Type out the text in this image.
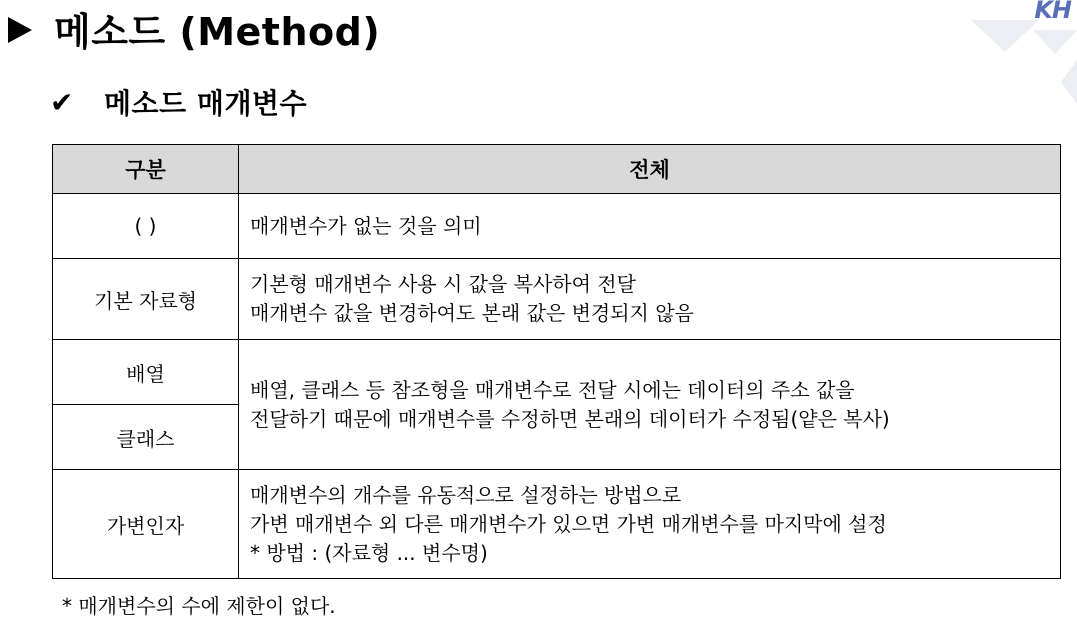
메소드 (Method)	KH
✔	메소드 매개변수
구분	전체
( )	매개변수가 없는 것을 의미

기본 자료형	기본형 매개변수 사용 시 값을 복사하여 전달
매개변수 값을 변경하여도 본래 값은 변경되지 않음

배열	배열, 클래스 등 참조형을 매개변수로 전달 시에는 데이터의 주소 값을
전달하기 때문에 매개변수를 수정하면 본래의 데이터가 수정됨(얕은 복사)

클래스	
가변인자	매개변수의 개수를 유동적으로 설정하는 방법으로
가변 매개변수 외 다른 매개변수가 있으면 가변 매개변수를 마지막에 설정
* 방법 : (자료형 ... 변수명)
* 매개변수의 수에 제한이 없다.
